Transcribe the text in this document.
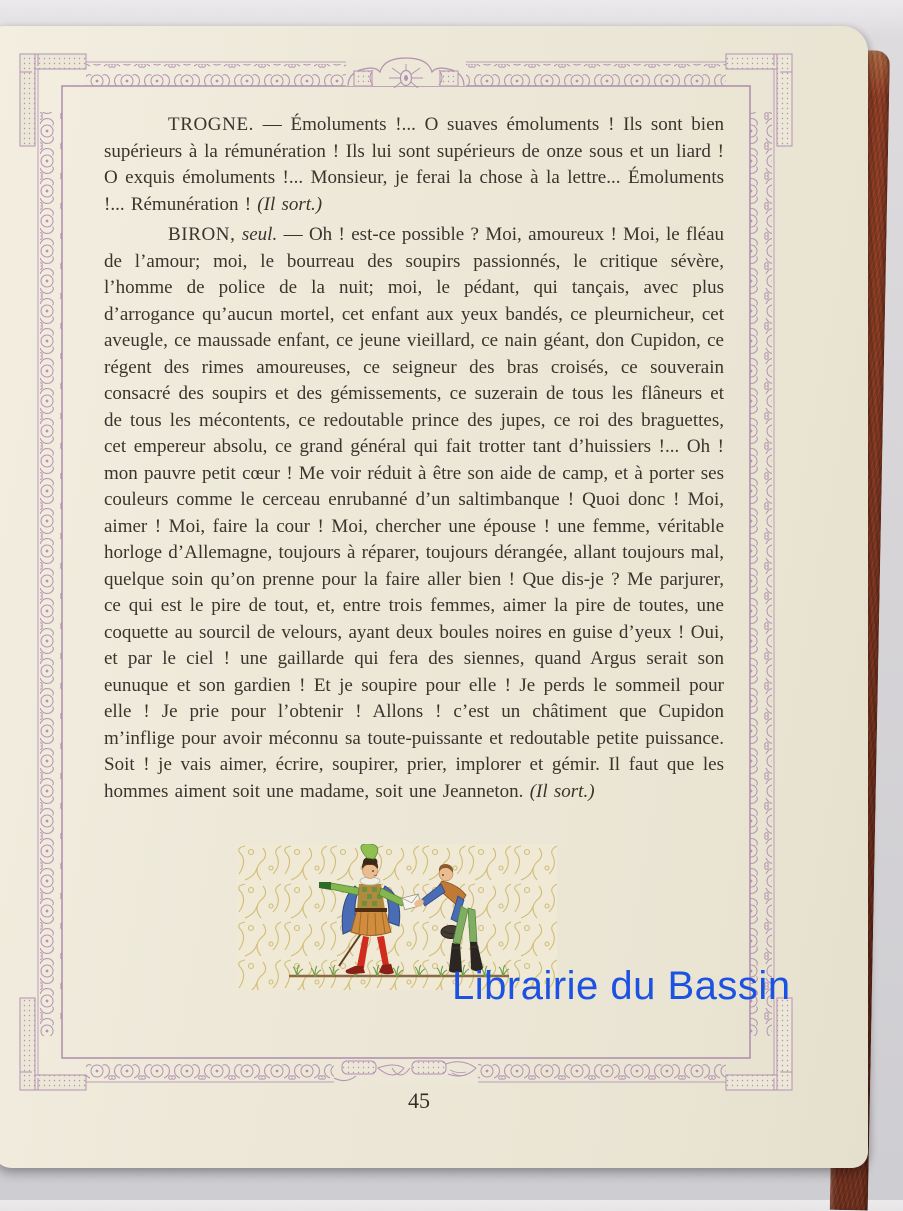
TROGNE. — Émoluments !... O suaves émoluments ! Ils sont bien supérieurs à la rémunération ! Ils lui sont supérieurs de onze sous et un liard ! O exquis émoluments !... Monsieur, je ferai la chose à la lettre... Émoluments !... Rémunération ! (Il sort.)

BIRON, seul. — Oh ! est-ce possible ? Moi, amoureux ! Moi, le fléau de l’amour; moi, le bourreau des soupirs passionnés, le critique sévère, l’homme de police de la nuit; moi, le pédant, qui tançais, avec plus d’arrogance qu’aucun mortel, cet enfant aux yeux bandés, ce pleurnicheur, cet aveugle, ce maussade enfant, ce jeune vieillard, ce nain géant, don Cupidon, ce régent des rimes amoureuses, ce seigneur des bras croisés, ce souverain consacré des soupirs et des gémissements, ce suzerain de tous les flâneurs et de tous les mécontents, ce redoutable prince des jupes, ce roi des braguettes, cet empereur absolu, ce grand général qui fait trotter tant d’huissiers !... Oh ! mon pauvre petit cœur ! Me voir réduit à être son aide de camp, et à porter ses couleurs comme le cerceau enrubanné d’un saltimbanque ! Quoi donc ! Moi, aimer ! Moi, faire la cour ! Moi, chercher une épouse ! une femme, véritable horloge d’Allemagne, toujours à réparer, toujours dérangée, allant toujours mal, quelque soin qu’on prenne pour la faire aller bien ! Que dis-je ? Me parjurer, ce qui est le pire de tout, et, entre trois femmes, aimer la pire de toutes, une coquette au sourcil de velours, ayant deux boules noires en guise d’yeux ! Oui, et par le ciel ! une gaillarde qui fera des siennes, quand Argus serait son eunuque et son gardien ! Et je soupire pour elle ! Je perds le sommeil pour elle ! Je prie pour l’obtenir ! Allons ! c’est un châtiment que Cupidon m’inflige pour avoir méconnu sa toute-puissante et redoutable petite puissance. Soit ! je vais aimer, écrire, soupirer, prier, implorer et gémir. Il faut que les hommes aiment soit une madame, soit une Jeanneton. (Il sort.)

45
Librairie du Bassin
